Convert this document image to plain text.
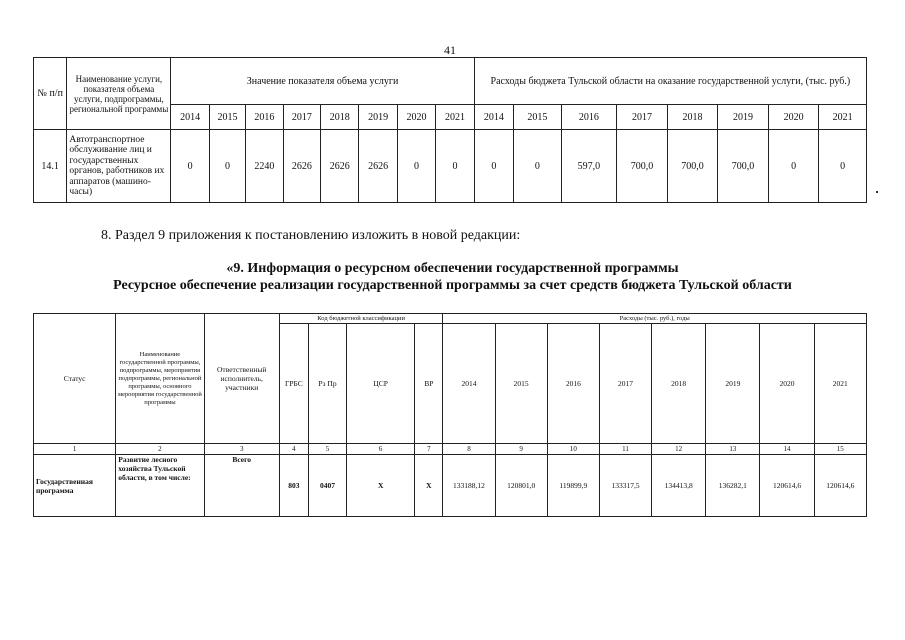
41
№ п/п	Наименование услуги, показателя объема услуги, подпрограммы, региональной программы	Значение показателя объема услуги								Расходы бюджета Тульской области на оказание государственной услуги, (тыс. руб.)							
		2014	2015	2016	2017	2018	2019	2020	2021	2014	2015	2016	2017	2018	2019	2020	2021
14.1	Автотранспортное обслуживание лиц и государственных органов, работников их аппаратов (машино-часы)	0	0	2240	2626	2626	2626	0	0	0	0	597,0	700,0	700,0	700,0	0	0
8. Раздел 9 приложения к постановлению изложить в новой редакции:
«9. Информация о ресурсном обеспечении государственной программы
Ресурсное обеспечение реализации государственной программы за счет средств бюджета Тульской области
Статус	Наименование государственной программы, подпрограммы, мероприятия подпрограммы, региональной программы, основного мероприятия государственной программы	Ответственный исполнитель, участники	Код бюджетной классификации				Расходы (тыс. руб.), годы							
			ГРБС	Рз Пр	ЦСР	ВР	2014	2015	2016	2017	2018	2019	2020	2021
1	2	3	4	5	6	7	8	9	10	11	12	13	14	15
Государственная программа	Развитие лесного хозяйства Тульской области, в том числе:	Всего	803	0407	Х	Х	133188,12	120801,0	119899,9	133317,5	134413,8	136282,1	120614,6	120614,6
